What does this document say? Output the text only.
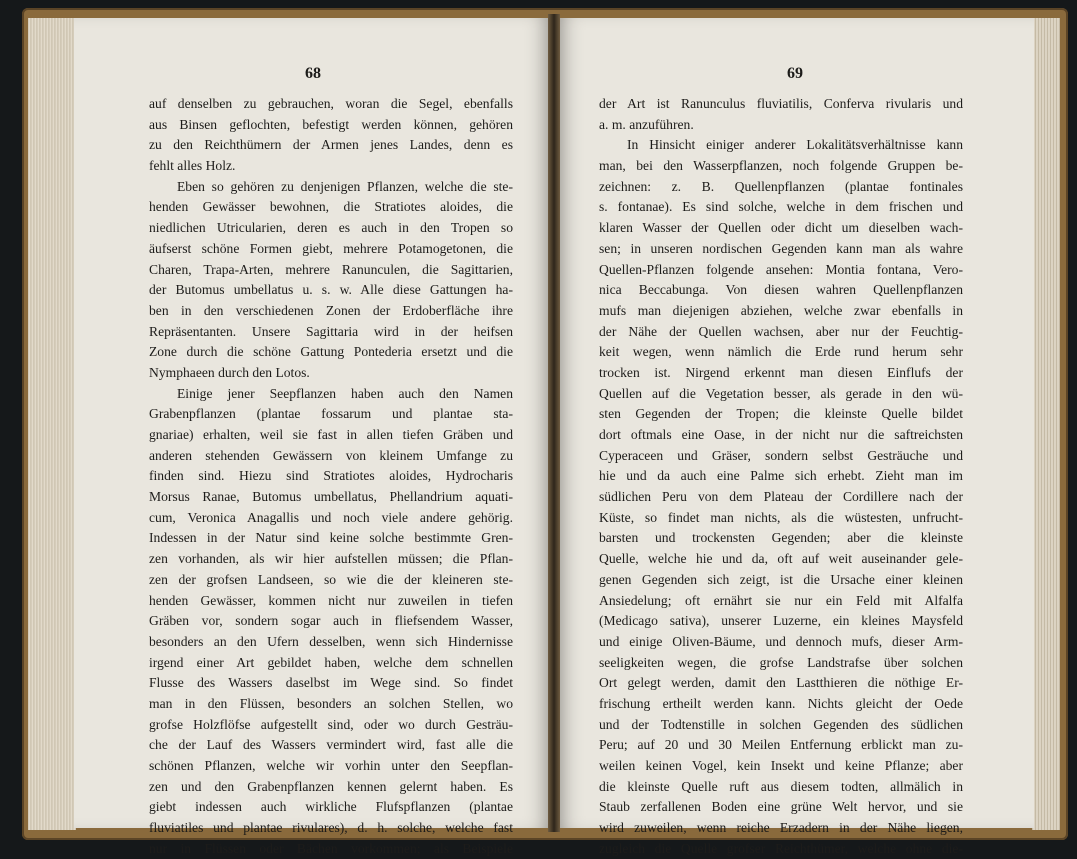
68
auf denselben zu gebrauchen, woran die Segel, ebenfalls
aus Binsen geflochten, befestigt werden können, gehören
zu den Reichthümern der Armen jenes Landes, denn es
fehlt alles Holz.
Eben so gehören zu denjenigen Pflanzen, welche die ste-
henden Gewässer bewohnen, die Stratiotes aloides, die
niedlichen Utricularien, deren es auch in den Tropen so
äufserst schöne Formen giebt, mehrere Potamogetonen, die
Charen, Trapa-Arten, mehrere Ranunculen, die Sagittarien,
der Butomus umbellatus u. s. w. Alle diese Gattungen ha-
ben in den verschiedenen Zonen der Erdoberfläche ihre
Repräsentanten. Unsere Sagittaria wird in der heifsen
Zone durch die schöne Gattung Pontederia ersetzt und die
Nymphaeen durch den Lotos.
Einige jener Seepflanzen haben auch den Namen
Grabenpflanzen (plantae fossarum und plantae sta-
gnariae) erhalten, weil sie fast in allen tiefen Gräben und
anderen stehenden Gewässern von kleinem Umfange zu
finden sind. Hiezu sind Stratiotes aloides, Hydrocharis
Morsus Ranae, Butomus umbellatus, Phellandrium aquati-
cum, Veronica Anagallis und noch viele andere gehörig.
Indessen in der Natur sind keine solche bestimmte Gren-
zen vorhanden, als wir hier aufstellen müssen; die Pflan-
zen der grofsen Landseen, so wie die der kleineren ste-
henden Gewässer, kommen nicht nur zuweilen in tiefen
Gräben vor, sondern sogar auch in fliefsendem Wasser,
besonders an den Ufern desselben, wenn sich Hindernisse
irgend einer Art gebildet haben, welche dem schnellen
Flusse des Wassers daselbst im Wege sind. So findet
man in den Flüssen, besonders an solchen Stellen, wo
grofse Holzflöfse aufgestellt sind, oder wo durch Gesträu-
che der Lauf des Wassers vermindert wird, fast alle die
schönen Pflanzen, welche wir vorhin unter den Seepflan-
zen und den Grabenpflanzen kennen gelernt haben. Es
giebt indessen auch wirkliche Flufspflanzen (plantae
fluviatiles und plantae rivulares), d. h. solche, welche fast
nur in Flüssen oder Bächen vorkommen; als Beispiele
69
der Art ist Ranunculus fluviatilis, Conferva rivularis und
a. m. anzuführen.
In Hinsicht einiger anderer Lokalitätsverhältnisse kann
man, bei den Wasserpflanzen, noch folgende Gruppen be-
zeichnen: z. B. Quellenpflanzen (plantae fontinales
s. fontanae). Es sind solche, welche in dem frischen und
klaren Wasser der Quellen oder dicht um dieselben wach-
sen; in unseren nordischen Gegenden kann man als wahre
Quellen-Pflanzen folgende ansehen: Montia fontana, Vero-
nica Beccabunga. Von diesen wahren Quellenpflanzen
mufs man diejenigen abziehen, welche zwar ebenfalls in
der Nähe der Quellen wachsen, aber nur der Feuchtig-
keit wegen, wenn nämlich die Erde rund herum sehr
trocken ist. Nirgend erkennt man diesen Einflufs der
Quellen auf die Vegetation besser, als gerade in den wü-
sten Gegenden der Tropen; die kleinste Quelle bildet
dort oftmals eine Oase, in der nicht nur die saftreichsten
Cyperaceen und Gräser, sondern selbst Gesträuche und
hie und da auch eine Palme sich erhebt. Zieht man im
südlichen Peru von dem Plateau der Cordillere nach der
Küste, so findet man nichts, als die wüstesten, unfrucht-
barsten und trockensten Gegenden; aber die kleinste
Quelle, welche hie und da, oft auf weit auseinander gele-
genen Gegenden sich zeigt, ist die Ursache einer kleinen
Ansiedelung; oft ernährt sie nur ein Feld mit Alfalfa
(Medicago sativa), unserer Luzerne, ein kleines Maysfeld
und einige Oliven-Bäume, und dennoch mufs, dieser Arm-
seeligkeiten wegen, die grofse Landstrafse über solchen
Ort gelegt werden, damit den Lastthieren die nöthige Er-
frischung ertheilt werden kann. Nichts gleicht der Oede
und der Todtenstille in solchen Gegenden des südlichen
Peru; auf 20 und 30 Meilen Entfernung erblickt man zu-
weilen keinen Vogel, kein Insekt und keine Pflanze; aber
die kleinste Quelle ruft aus diesem todten, allmälich in
Staub zerfallenen Boden eine grüne Welt hervor, und sie
wird zuweilen, wenn reiche Erzadern in der Nähe liegen,
zugleich die Quelle grofser Reichthümer, welche ohne die-
